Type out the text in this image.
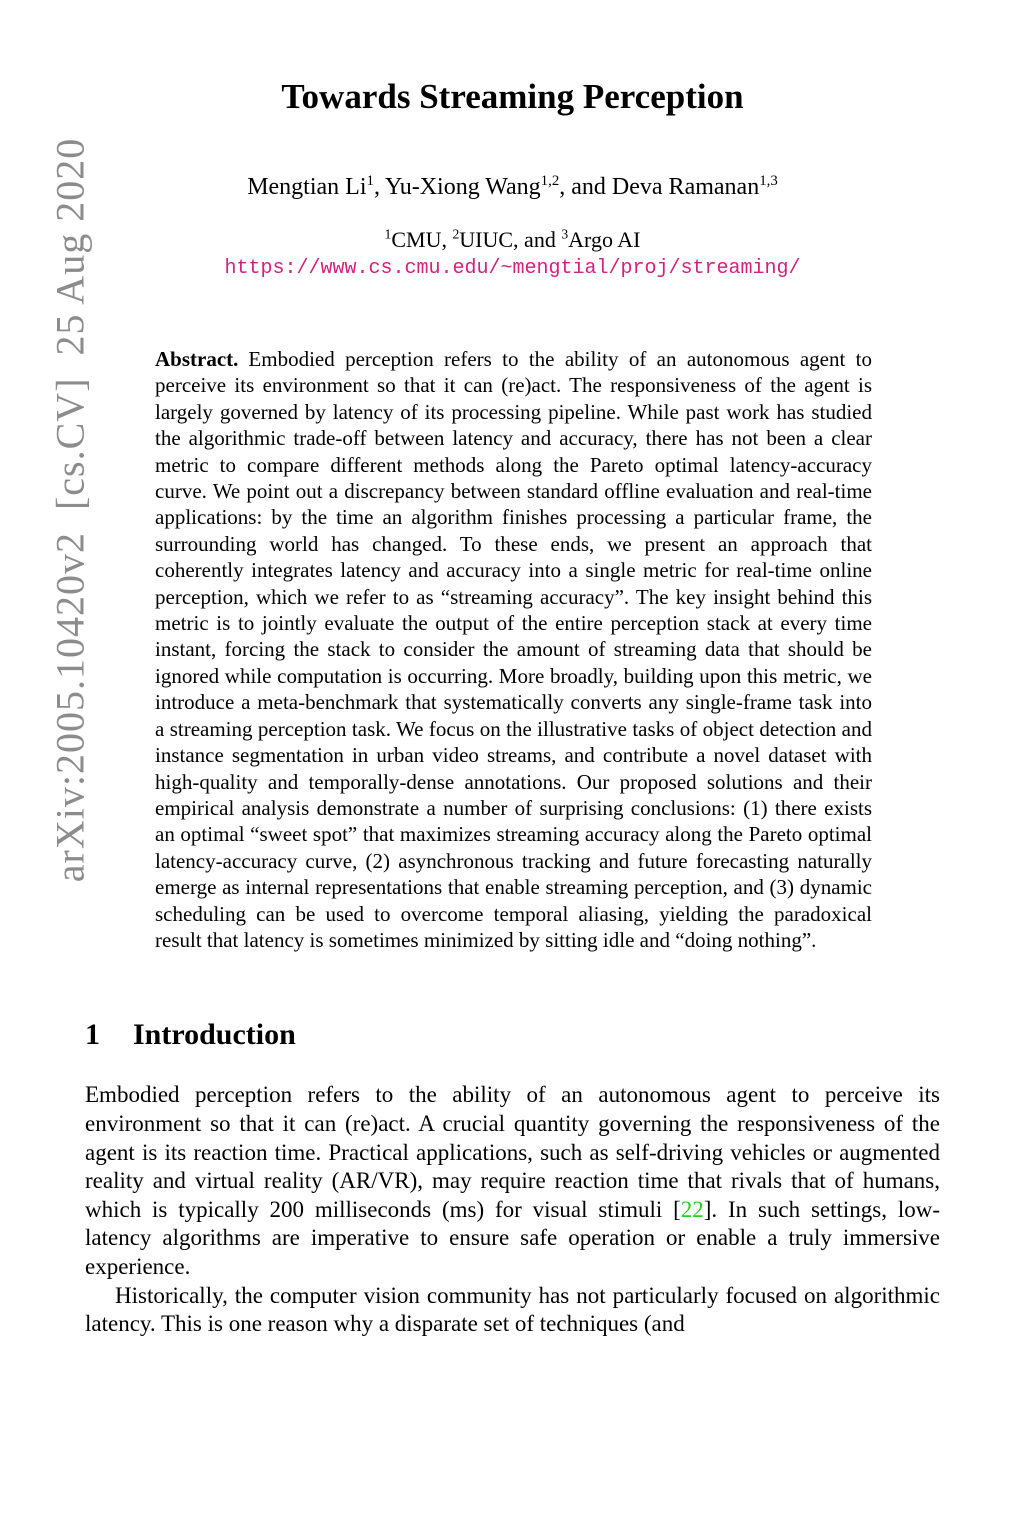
arXiv:2005.10420v2  [cs.CV]  25 Aug 2020
Towards Streaming Perception
Mengtian Li$^1$, Yu-Xiong Wang$^{1,2}$, and Deva Ramanan$^{1,3}$
$^1$CMU, $^2$UIUC, and $^3$Argo AI
https://www.cs.cmu.edu/~mengtial/proj/streaming/
Abstract. Embodied perception refers to the ability of an autonomous agent to perceive its environment so that it can (re)act. The responsiveness of the agent is largely governed by latency of its processing pipeline. While past work has studied the algorithmic trade-off between latency and accuracy, there has not been a clear metric to compare different methods along the Pareto optimal latency-accuracy curve. We point out a discrepancy between standard offline evaluation and real-time applications: by the time an algorithm finishes processing a particular frame, the surrounding world has changed. To these ends, we present an approach that coherently integrates latency and accuracy into a single metric for real-time online perception, which we refer to as “streaming accuracy”. The key insight behind this metric is to jointly evaluate the output of the entire perception stack at every time instant, forcing the stack to consider the amount of streaming data that should be ignored while computation is occurring. More broadly, building upon this metric, we introduce a meta-benchmark that systematically converts any single-frame task into a streaming perception task. We focus on the illustrative tasks of object detection and instance segmentation in urban video streams, and contribute a novel dataset with high-quality and temporally-dense annotations. Our proposed solutions and their empirical analysis demonstrate a number of surprising conclusions: (1) there exists an optimal “sweet spot” that maximizes streaming accuracy along the Pareto optimal latency-accuracy curve, (2) asynchronous tracking and future forecasting naturally emerge as internal representations that enable streaming perception, and (3) dynamic scheduling can be used to overcome temporal aliasing, yielding the paradoxical result that latency is sometimes minimized by sitting idle and “doing nothing”.
1 Introduction

Embodied perception refers to the ability of an autonomous agent to perceive its environment so that it can (re)act. A crucial quantity governing the responsiveness of the agent is its reaction time. Practical applications, such as self-driving vehicles or augmented reality and virtual reality (AR/VR), may require reaction time that rivals that of humans, which is typically 200 milliseconds (ms) for visual stimuli [22]. In such settings, low-latency algorithms are imperative to ensure safe operation or enable a truly immersive experience.

Historically, the computer vision community has not particularly focused on algorithmic latency. This is one reason why a disparate set of techniques (and
